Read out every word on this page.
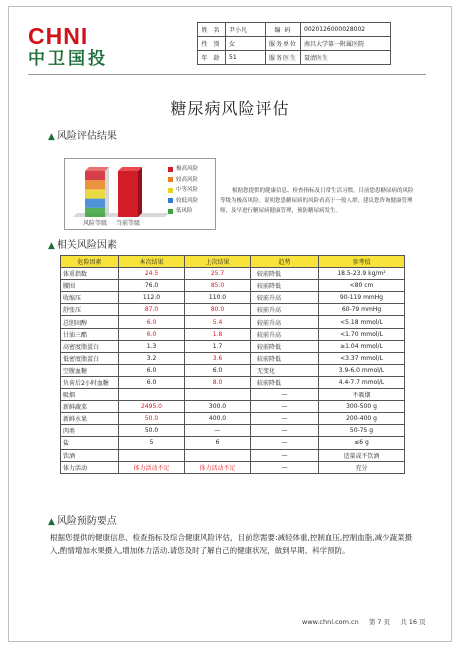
CHNI
中卫国投
姓 名	尹小凡	编 码	0020126000028002
性 别	女	服务单位	南昌大学第一附属医院
年 龄	51	服务医生	聂清医生
糖尿病风险评估
▲ 风险评估结果
风险等级 当前等级
极高风险
较高风险
中等风险
较低风险
低风险
根据您提供的健康信息、检查指标及日常生活习惯，目前您患糖尿病的风险等级为极高风险。说明您患糖尿病的风险看高于一般人群，建议您咨询健康管理师，及早进行糖尿病健康管理，预防糖尿病发生。
▲ 相关风险因素
危险因素	本次结果	上次结果	趋势	参考值
体重指数	24.5	25.7	较前降低	18.5-23.9 kg/m²
腰围	76.0	85.0	较前降低	<80 cm
收缩压	112.0	110.0	较前升高	90-119 mmHg
舒张压	87.0	80.0	较前升高	60-79 mmHg
总胆固醇	6.0	5.4	较前升高	<5.18 mmol/L
甘油三酯	6.0	1.8	较前升高	<1.70 mmol/L
高密度脂蛋白	1.3	1.7	较前降低	≥1.04 mmol/L
低密度脂蛋白	3.2	3.6	较前降低	<3.37 mmol/L
空腹血糖	6.0	6.0	无变化	3.9-6.0 mmol/L
负荷后2小时血糖	6.0	8.0	较前降低	4.4-7.7 mmol/L
吸烟			—	不吸烟
新鲜蔬菜	2495.0	300.0	—	300-500 g
新鲜水果	50.0	400.0	—	200-400 g
肉类	50.0	—	—	50-75 g
盐	5	6	—	≤6 g
饮酒			—	适量或不饮酒
体力活动	体力活动不足	体力活动不足	—	充分
▲ 风险预防要点
根据您提供的健康信息、检查指标及综合健康风险评估，目前您需要:减轻体重,控制血压,控制血脂,减少蔬菜摄入,酌情增加水果摄入,增加体力活动.请您及时了解自己的健康状况，做到早期、科学预防。
www.chni.com.cn 第 7 页 共 16 页
